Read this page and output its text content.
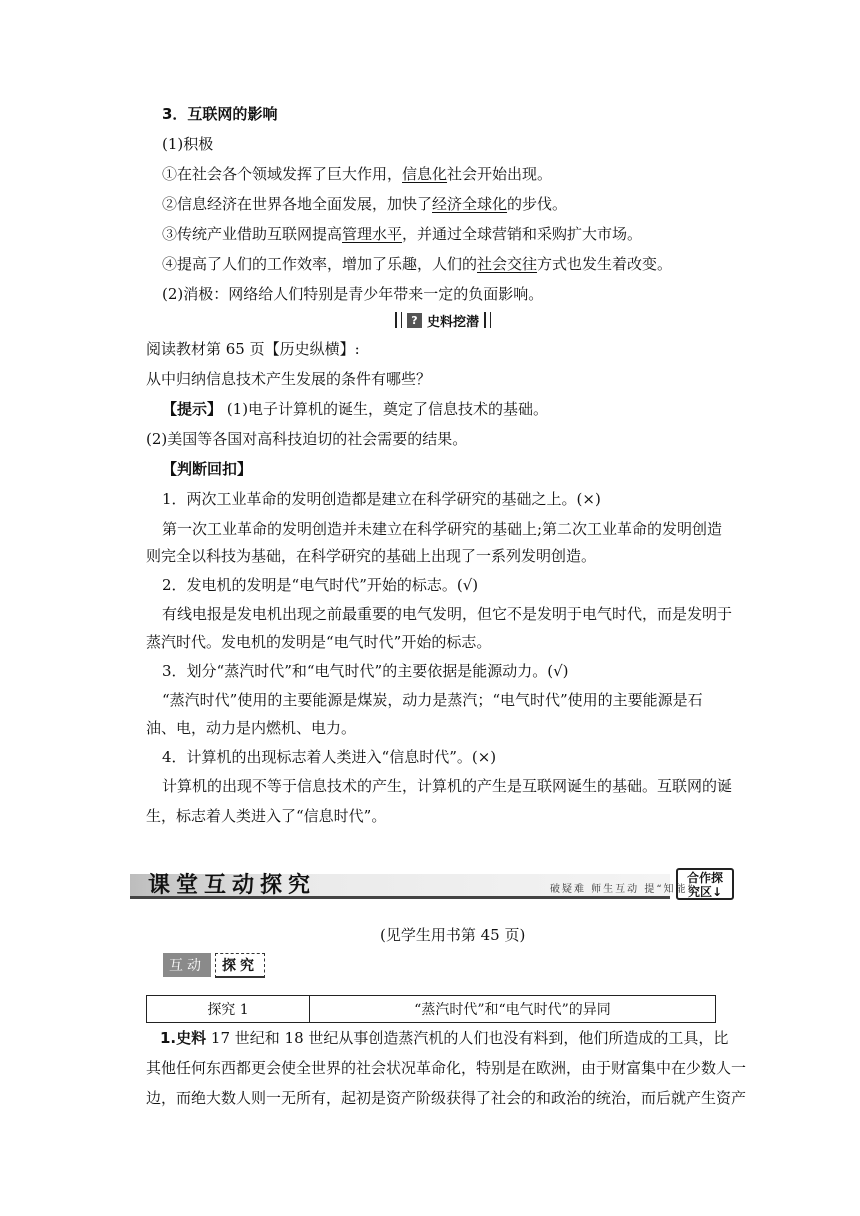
3．互联网的影响
(1)积极
①在社会各个领域发挥了巨大作用，信息化社会开始出现。
②信息经济在世界各地全面发展，加快了经济全球化的步伐。
③传统产业借助互联网提高管理水平，并通过全球营销和采购扩大市场。
④提高了人们的工作效率，增加了乐趣，人们的社会交往方式也发生着改变。
(2)消极：网络给人们特别是青少年带来一定的负面影响。
? 史料挖潜
阅读教材第 65 页【历史纵横】:
从中归纳信息技术产生发展的条件有哪些？
【提示】 (1)电子计算机的诞生，奠定了信息技术的基础。
(2)美国等各国对高科技迫切的社会需要的结果。
【判断回扣】
1．两次工业革命的发明创造都是建立在科学研究的基础之上。(×)
第一次工业革命的发明创造并未建立在科学研究的基础上;第二次工业革命的发明创造
则完全以科技为基础，在科学研究的基础上出现了一系列发明创造。
2．发电机的发明是“电气时代”开始的标志。(√)
有线电报是发电机出现之前最重要的电气发明，但它不是发明于电气时代，而是发明于
蒸汽时代。发电机的发明是“电气时代”开始的标志。
3．划分“蒸汽时代”和“电气时代”的主要依据是能源动力。(√)
“蒸汽时代”使用的主要能源是煤炭，动力是蒸汽；“电气时代”使用的主要能源是石
油、电，动力是内燃机、电力。
4．计算机的出现标志着人类进入“信息时代”。(×)
计算机的出现不等于信息技术的产生，计算机的产生是互联网诞生的基础。互联网的诞
生，标志着人类进入了“信息时代”。
课堂互动探究	破疑难 师生互动 提“知能”
合作探
究区↓
(见学生用书第 45 页)
互动	探究
探究 1	“蒸汽时代”和“电气时代”的异同
1.史料 17 世纪和 18 世纪从事创造蒸汽机的人们也没有料到，他们所造成的工具，比
其他任何东西都更会使全世界的社会状况革命化，特别是在欧洲，由于财富集中在少数人一
边，而绝大数人则一无所有，起初是资产阶级获得了社会的和政治的统治，而后就产生资产
